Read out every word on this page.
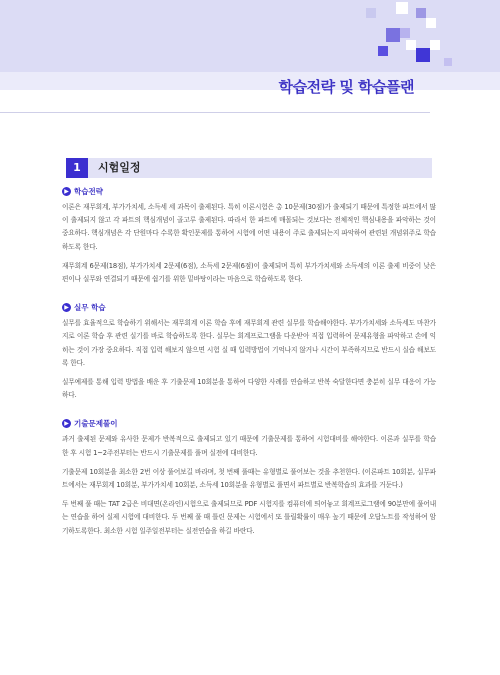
학습전략 및 학습플랜
1	시험일정
▶ 학습전략

이론은 재무회계, 부가가치세, 소득세 세 과목이 출제된다. 특히 이론시험은 총 10문제(30점)가 출제되기 때문에 특정한 파트에서 많이 출제되지 않고 각 파트의 핵심개념이 골고루 출제된다. 따라서 한 파트에 매몰되는 것보다는 전체적인 핵심내용을 파악하는 것이 중요하다. 핵심개념은 각 단원마다 수록한 확인문제를 통하여 시험에 어떤 내용이 주로 출제되는지 파악하여 관련된 개념위주로 학습하도록 한다.

재무회계 6문제(18점), 부가가치세 2문제(6점), 소득세 2문제(6점)이 출제되며 특히 부가가치세와 소득세의 이론 출제 비중이 낮은 편이나 실무와 연결되기 때문에 쉽기를 위한 밑바탕이라는 마음으로 학습하도록 한다.

▶ 실무 학습

실무를 효율적으로 학습하기 위해서는 재무회계 이론 학습 후에 재무회계 관련 실무를 학습해야한다. 부가가치세와 소득세도 마찬가지로 이론 학습 후 관련 실기를 바로 학습하도록 한다. 실무는 회계프로그램을 다운받아 직접 입력하여 문제유형을 파악하고 손에 익히는 것이 가장 중요하다. 직접 입력 해보지 않으면 시험 실 때 입력방법이 기억나지 않거나 시간이 부족하지므로 반드시 실습 해보도록 한다.

실무예제를 통해 입력 방법을 배운 후 기출문제 10회분을 통하여 다양한 사례를 연습하고 반복 숙달한다면 충분히 실무 대응이 가능하다.

▶ 기출문제풀이

과거 출제된 문제와 유사한 문제가 반복적으로 출제되고 있기 때문에 기출문제를 통하여 시험대비를 해야한다. 이론과 실무를 학습 한 후 시험 1~2주전부터는 반드시 기출문제를 풀며 실전에 대비한다.

기출문제 10회분을 최소한 2번 이상 풀어보길 바라며, 첫 번째 풀때는 유형별로 풀어보는 것을 추천한다. (이론파트 10회분, 실무파트에서는 재무회계 10회분, 부가가치세 10회분, 소득세 10회분을 유형별로 풀면서 파트별로 반복학습의 효과를 거둔다.)

두 번째 풀 때는 TAT 2급은 비대면(온라인)시험으로 출제되므로 PDF 시험지를 컴퓨터에 띄어놓고 회계프로그램에 90분만에 풀어내는 연습을 하여 실제 시험에 대비한다. 두 번째 풀 때 틀린 문제는 시험에서 또 틀릴확률이 매우 높기 때문에 오답노트를 작성하여 암기하도록한다. 최소한 시험 일주일전부터는 실전연습을 하길 바란다.
